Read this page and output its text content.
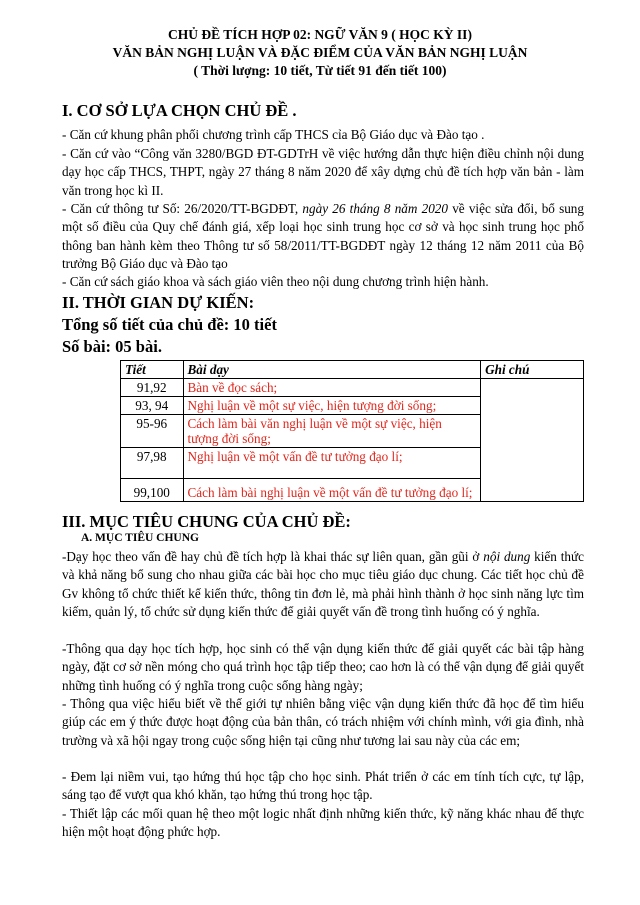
CHỦ ĐỀ TÍCH HỢP 02: NGỮ VĂN 9 ( HỌC KỲ II)
VĂN BẢN NGHỊ LUẬN VÀ ĐẶC ĐIỂM CỦA VĂN BẢN NGHỊ LUẬN
( Thời lượng: 10 tiết, Từ tiết 91 đến tiết 100)
I. CƠ SỞ LỰA CHỌN CHỦ ĐỀ .
- Căn cứ khung phân phối chương trình cấp THCS cỉa Bộ Giáo dục và Đào tạo .
- Căn cứ vào “Công văn 3280/BGD ĐT-GDTrH về việc hướng dẫn thực hiện điều chỉnh nội dung dạy học cấp THCS, THPT, ngày 27 tháng 8 năm 2020 để xây dựng chủ đề tích hợp văn bản - làm văn trong học kì II.
- Căn cứ thông tư Số: 26/2020/TT-BGDĐT, ngày 26 tháng 8 năm 2020 về việc sửa đổi, bổ sung một số điều của Quy chế đánh giá, xếp loại học sinh trung học cơ sở và học sinh trung học phổ thông ban hành kèm theo Thông tư số 58/2011/TT-BGDĐT ngày 12 tháng 12 năm 2011 của Bộ trưởng Bộ Giáo dục và Đào tạo
- Căn cứ sách giáo khoa và sách giáo viên theo nội dung chương trình hiện hành.
II. THỜI GIAN DỰ KIẾN:
Tổng số tiết của chủ đề: 10 tiết
Số bài: 05 bài.
Tiết	Bài dạy	Ghi chú
91,92	Bàn về đọc sách;	
93, 94	Nghị luận về một sự việc, hiện tượng đời sống;	
95-96	Cách làm bài văn nghị luận về một sự việc, hiện tượng đời sống;	
97,98	Nghị luận về một vấn đề tư tưởng đạo lí;	
99,100	Cách làm bài nghị luận về một vấn đề tư tưởng đạo lí;	
III. MỤC TIÊU CHUNG CỦA CHỦ ĐỀ:
A. MỤC TIÊU CHUNG
-Dạy học theo vấn đề hay chủ đề tích hợp là khai thác sự liên quan, gần gũi ở nội dung kiến thức và khả năng bổ sung cho nhau giữa các bài học cho mục tiêu giáo dục chung. Các tiết học chủ đề Gv không tổ chức thiết kế kiến thức, thông tin đơn lẻ, mà phải hình thành ở học sinh năng lực tìm kiếm, quản lý, tổ chức sử dụng kiến thức để giải quyết vấn đề trong tình huống có ý nghĩa.
-Thông qua dạy học tích hợp, học sinh có thể vận dụng kiến thức để giải quyết các bài tập hàng ngày, đặt cơ sở nền móng cho quá trình học tập tiếp theo; cao hơn là có thể vận dụng để giải quyết những tình huống có ý nghĩa trong cuộc sống hàng ngày;
- Thông qua việc hiểu biết về thế giới tự nhiên bằng việc vận dụng kiến thức đã học để tìm hiểu giúp các em ý thức được hoạt động của bản thân, có trách nhiệm với chính mình, với gia đình, nhà trường và xã hội ngay trong cuộc sống hiện tại cũng như tương lai sau này của các em;
- Đem lại niềm vui, tạo hứng thú học tập cho học sinh. Phát triển ở các em tính tích cực, tự lập, sáng tạo để vượt qua khó khăn, tạo hứng thú trong học tập.
- Thiết lập các mối quan hệ theo một logic nhất định những kiến thức, kỹ năng khác nhau để thực hiện một hoạt động phức hợp.
